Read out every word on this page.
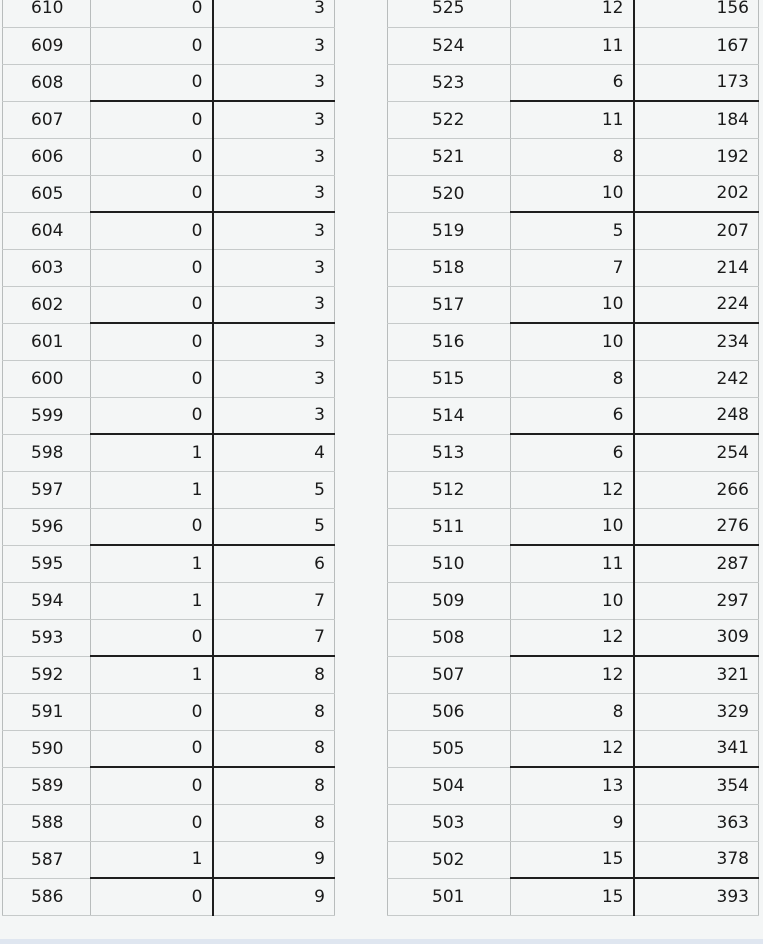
610	0	3
609	0	3
608	0	3
607	0	3
606	0	3
605	0	3
604	0	3
603	0	3
602	0	3
601	0	3
600	0	3
599	0	3
598	1	4
597	1	5
596	0	5
595	1	6
594	1	7
593	0	7
592	1	8
591	0	8
590	0	8
589	0	8
588	0	8
587	1	9
586	0	9
525	12	156
524	11	167
523	6	173
522	11	184
521	8	192
520	10	202
519	5	207
518	7	214
517	10	224
516	10	234
515	8	242
514	6	248
513	6	254
512	12	266
511	10	276
510	11	287
509	10	297
508	12	309
507	12	321
506	8	329
505	12	341
504	13	354
503	9	363
502	15	378
501	15	393
